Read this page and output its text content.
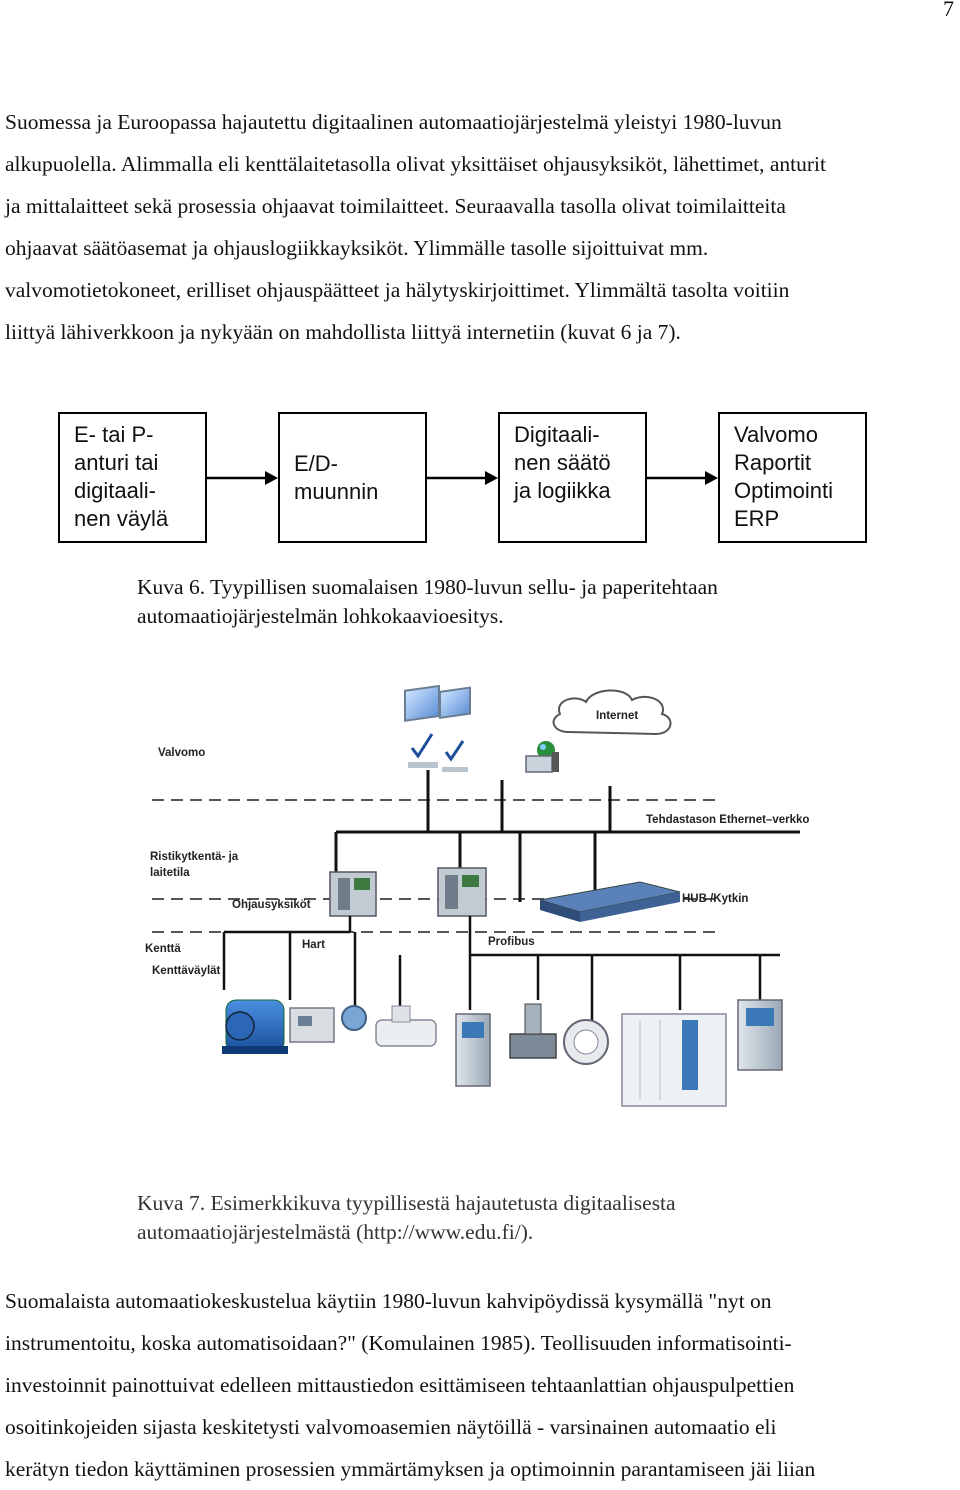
7
Suomessa ja Euroopassa hajautettu digitaalinen automaatiojärjestelmä yleistyi 1980-luvun
alkupuolella. Alimmalla eli kenttälaitetasolla olivat yksittäiset ohjausyksiköt, lähettimet, anturit
ja mittalaitteet sekä prosessia ohjaavat toimilaitteet. Seuraavalla tasolla olivat toimilaitteita
ohjaavat säätöasemat ja ohjauslogiikkayksiköt. Ylimmälle tasolle sijoittuivat mm.
valvomotietokoneet, erilliset ohjauspäätteet ja hälytyskirjoittimet. Ylimmältä tasolta voitiin
liittyä lähiverkkoon ja nykyään on mahdollista liittyä internetiin (kuvat 6 ja 7).
E- tai P-
anturi tai
digitaali-
nen väylä
E/D-
muunnin
Digitaali-
nen säätö
ja logiikka
Valvomo
Raportit
Optimointi
ERP
Kuva 6. Tyypillisen suomalaisen 1980-luvun sellu- ja paperitehtaan
automaatiojärjestelmän lohkokaavioesitys.
Internet
Valvomo
Tehdastason Ethernet–verkko
Ristikytkentä- ja
laitetila
Ohjausyksiköt	HUB /Kytkin
Kenttä
Kenttäväylät
Hart	Profibus
Kuva 7. Esimerkkikuva tyypillisestä hajautetusta digitaalisesta
automaatiojärjestelmästä (http://www.edu.fi/).
Suomalaista automaatiokeskustelua käytiin 1980-luvun kahvipöydissä kysymällä "nyt on
instrumentoitu, koska automatisoidaan?" (Komulainen 1985). Teollisuuden informatisointi-
investoinnit painottuivat edelleen mittaustiedon esittämiseen tehtaanlattian ohjauspulpettien
osoitinkojeiden sijasta keskitetysti valvomoasemien näytöillä - varsinainen automaatio eli
kerätyn tiedon käyttäminen prosessien ymmärtämyksen ja optimoinnin parantamiseen jäi liian
